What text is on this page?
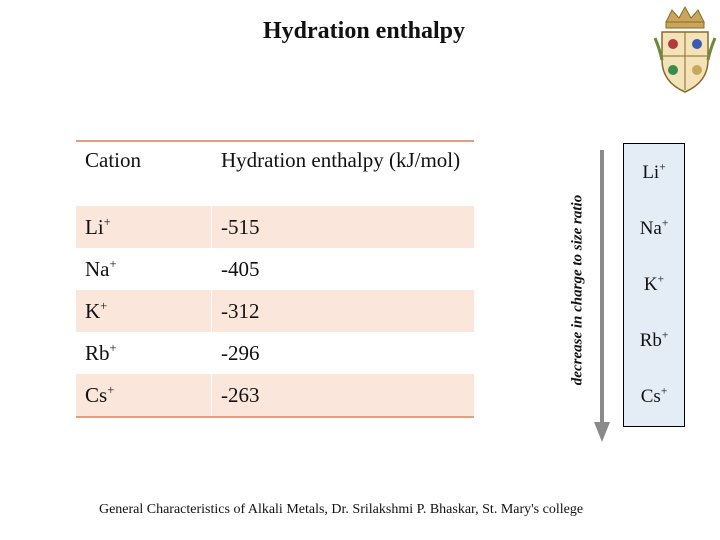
Hydration enthalpy
Cation	Hydration enthalpy (kJ/mol)
Li+	-515
Na+	-405
K+	-312
Rb+	-296
Cs+	-263
decrease in charge to size ratio
Li+
Na+
K+
Rb+
Cs+
General Characteristics of Alkali Metals, Dr. Srilakshmi P. Bhaskar, St. Mary's college
